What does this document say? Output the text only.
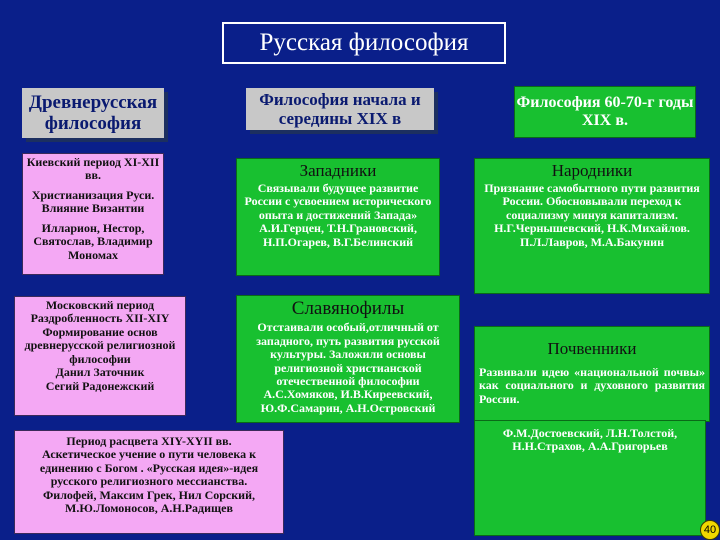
Русская философия
Древнерусская философия
Философия начала и середины XIX в
Философия 60-70-г годы XIX в.
Киевский период XI-XII вв.
Христианизация Руси. Влияние Византии
Илларион, Нестор, Святослав, Владимир Мономах
Московский период
Раздробленность XII-XIY
Формирование основ древнерусской религиозной философии
Данил Заточник
Сегий Радонежский
Период расцвета XIY-XYII вв.
Аскетическое учение о пути человека к единению с Богом . «Русская идея»-идея русского религиозного мессианства.
Филофей, Максим Грек, Нил Сорский, М.Ю.Ломоносов, А.Н.Радищев
Западники
Связывали будущее развитие России с усвоением исторического опыта и достижений Запада»
А.И.Герцен, Т.Н.Грановский, Н.П.Огарев, В.Г.Белинский
Славянофилы
Отстаивали особый,отличный от западного, путь развития русской культуры. Заложили основы религиозной христианской отечественной философии
А.С.Хомяков, И.В.Киреевский, Ю.Ф.Самарин, А.Н.Островский
Народники
Признание самобытного пути развития России. Обосновывали переход к социализму минуя капитализм.
Н.Г.Чернышевский, Н.К.Михайлов. П.Л.Лавров, М.А.Бакунин
Почвенники
Развивали идею «национальной почвы» как социального и духовного развития России.
Ф.М.Достоевский, Л.Н.Толстой, Н.Н.Страхов, А.А.Григорьев
40
